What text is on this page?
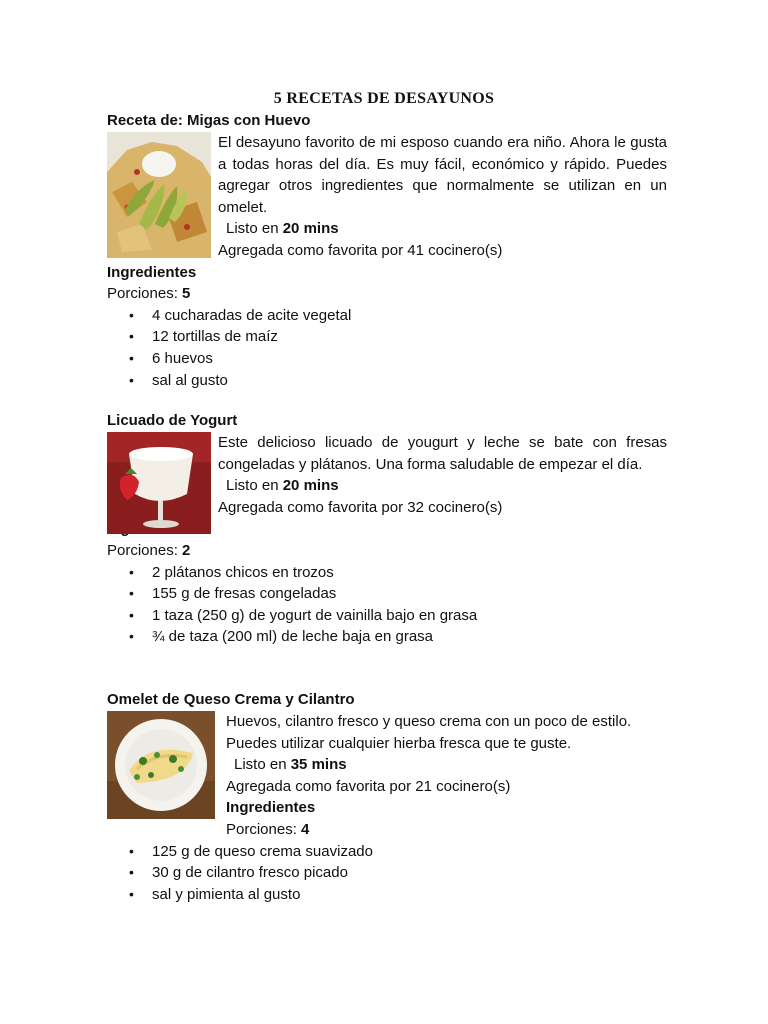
5 RECETAS DE DESAYUNOS
Receta de: Migas con Huevo

El desayuno favorito de mi esposo cuando era niño. Ahora le gusta a todas horas del día. Es muy fácil, económico y rápido. Puedes agregar otros ingredientes que normalmente se utilizan en un omelet.

Listo en 20 mins
Agregada como favorita por 41 cocinero(s)
Ingredientes
Porciones: 5
• 4 cucharadas de acite vegetal
• 12 tortillas de maíz
• 6 huevos
• sal al gusto
Licuado de Yogurt

Este delicioso licuado de yougurt y leche se bate con fresas congeladas y plátanos. Una forma saludable de empezar el día.

Listo en 20 mins
Agregada como favorita por 32 cocinero(s)
Porciones: 2
• 2 plátanos chicos en trozos
• 155 g de fresas congeladas
• 1 taza (250 g) de yogurt de vainilla bajo en grasa
• ¾ de taza (200 ml) de leche baja en grasa
Omelet de Queso Crema y Cilantro

Huevos, cilantro fresco y queso crema con un poco de estilo. Puedes utilizar cualquier hierba fresca que te guste.

Listo en 35 mins
Agregada como favorita por 21 cocinero(s)
Ingredientes
Porciones: 4
• 125 g de queso crema suavizado
• 30 g de cilantro fresco picado
• sal y pimienta al gusto
